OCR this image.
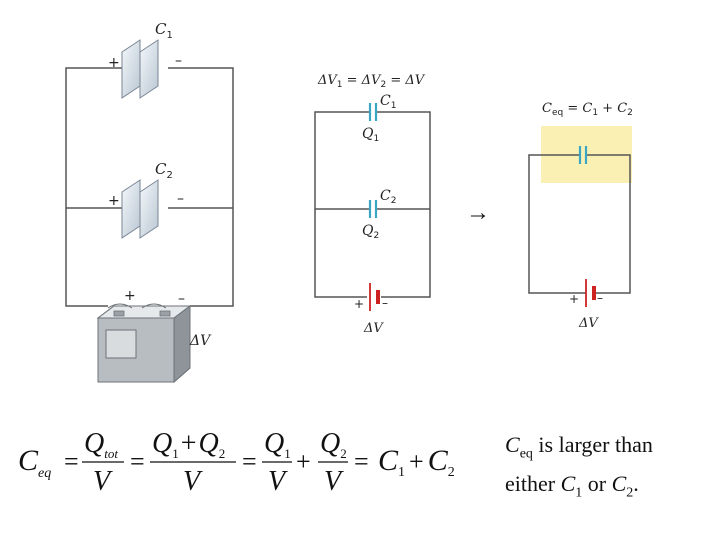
+	–
$C_1$
+	–
$C_2$
+	–
ΔV
$\Delta V_1 = \Delta V_2 = \Delta V$
$C_1$
$Q_1$
$C_2$
$Q_2$
+ –
ΔV
→
$C_{eq} = C_1 + C_2$
+ –
ΔV
$C_{eq}$ =
$Q_{tot}$
V
=
$Q_1+Q_2$
V
=
$Q_1$
V
+
$Q_2$
V
= $C_1 + C_2$
$C_{eq}$ is larger than
either $C_1$ or $C_2$.
